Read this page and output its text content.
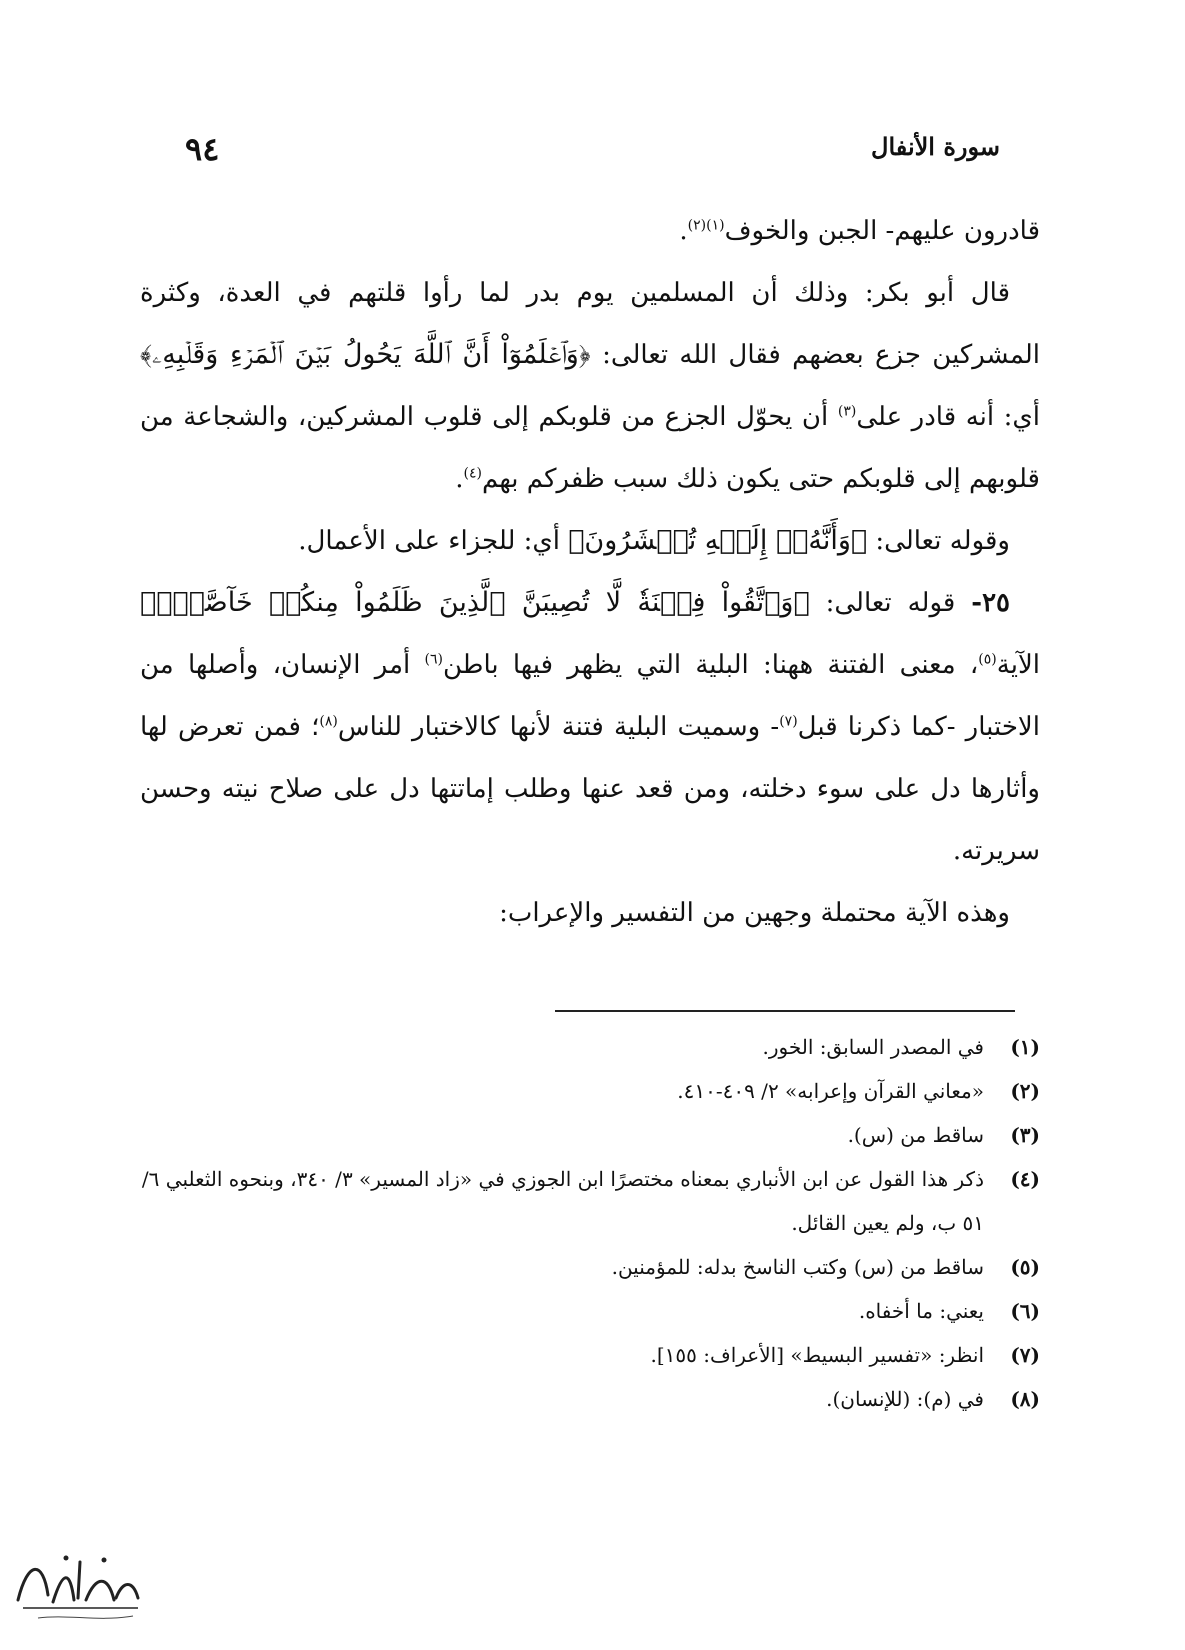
٩٤	سورة الأنفال

قادرون عليهم- الجبن والخوف$^{(١)(٢)}$.

قال أبو بكر: وذلك أن المسلمين يوم بدر لما رأوا قلتهم في العدة، وكثرة المشركين جزع بعضهم فقال الله تعالى: ﴿وَٱعۡلَمُوٓاْ أَنَّ ٱللَّهَ يَحُولُ بَيۡنَ ٱلۡمَرۡءِ وَقَلۡبِهِۦ﴾ أي: أنه قادر على$^{(٣)}$ أن يحوّل الجزع من قلوبكم إلى قلوب المشركين، والشجاعة من قلوبهم إلى قلوبكم حتى يكون ذلك سبب ظفركم بهم$^{(٤)}$.

وقوله تعالى: ﴿وَأَنَّهُۥٓ إِلَيۡهِ تُحۡشَرُونَ﴾ أي: للجزاء على الأعمال.

٢٥- قوله تعالى: ﴿وَٱتَّقُواْ فِتۡنَةٗ لَّا تُصِيبَنَّ ٱلَّذِينَ ظَلَمُواْ مِنكُمۡ خَآصَّةٗۖ﴾ الآية$^{(٥)}$، معنى الفتنة ههنا: البلية التي يظهر فيها باطن$^{(٦)}$ أمر الإنسان، وأصلها من الاختبار -كما ذكرنا قبل$^{(٧)}$- وسميت البلية فتنة لأنها كالاختبار للناس$^{(٨)}$؛ فمن تعرض لها وأثارها دل على سوء دخلته، ومن قعد عنها وطلب إماتتها دل على صلاح نيته وحسن سريرته.

وهذه الآية محتملة وجهين من التفسير والإعراب:

(١)
في المصدر السابق: الخور.
(٢)
«معاني القرآن وإعرابه» ٢/ ٤٠٩-٤١٠.
(٣)
ساقط من (س).
(٤)
ذكر هذا القول عن ابن الأنباري بمعناه مختصرًا ابن الجوزي في «زاد المسير» ٣/ ٣٤٠، وبنحوه الثعلبي ٦/ ٥١ ب، ولم يعين القائل.
(٥)
ساقط من (س) وكتب الناسخ بدله: للمؤمنين.
(٦)
يعني: ما أخفاه.
(٧)
انظر: «تفسير البسيط» [الأعراف: ١٥٥].
(٨)
في (م): (للإنسان).
